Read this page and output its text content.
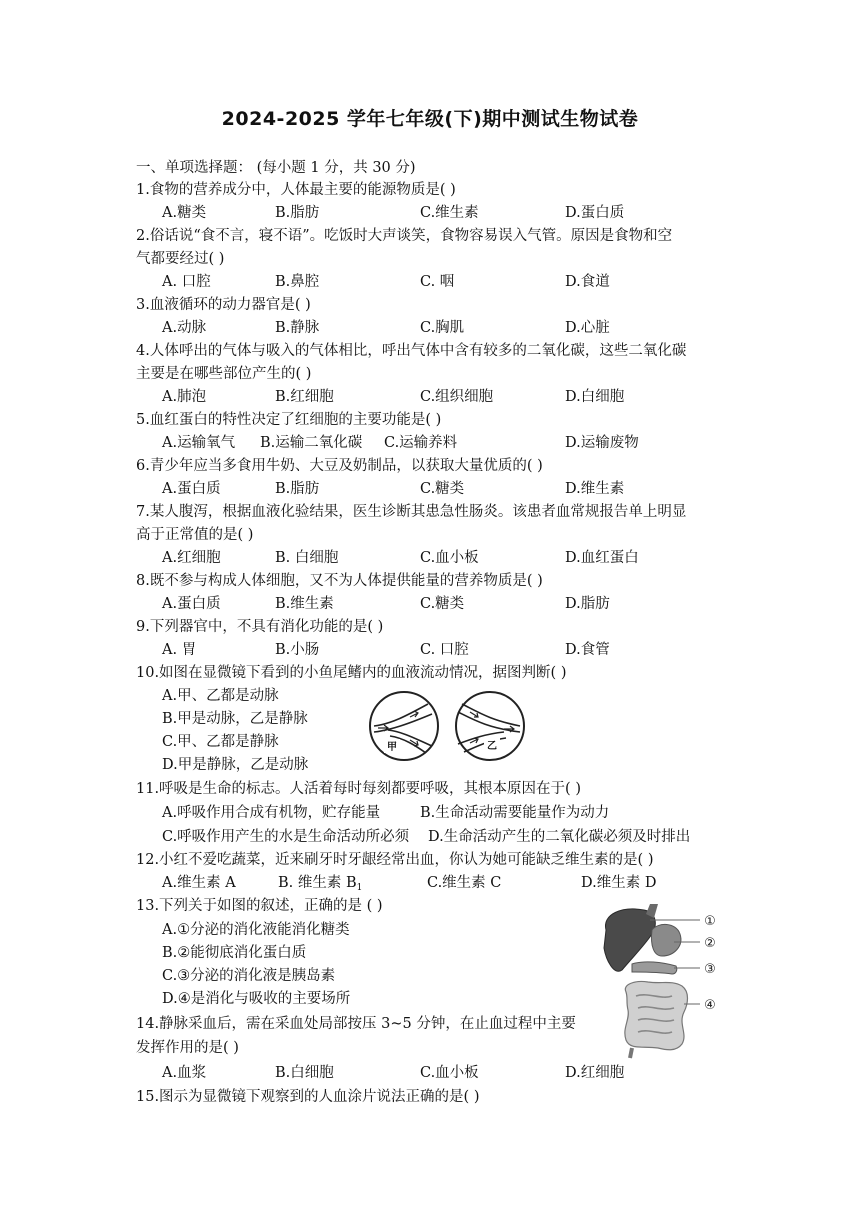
2024-2025 学年七年级(下)期中测试生物试卷
一、单项选择题： (每小题 1 分，共 30 分)
1.食物的营养成分中，人体最主要的能源物质是( )
A.糖类	B.脂肪	C.维生素	D.蛋白质
2.俗话说“食不言，寝不语”。吃饭时大声谈笑，食物容易误入气管。原因是食物和空
气都要经过( )
A. 口腔	B.鼻腔	C. 咽	D.食道
3.血液循环的动力器官是( )
A.动脉	B.静脉	C.胸肌	D.心脏
4.人体呼出的气体与吸入的气体相比，呼出气体中含有较多的二氧化碳，这些二氧化碳
主要是在哪些部位产生的( )
A.肺泡	B.红细胞	C.组织细胞	D.白细胞
5.血红蛋白的特性决定了红细胞的主要功能是( )
A.运输氧气 B.运输二氧化碳 C.运输养料	D.运输废物
6.青少年应当多食用牛奶、大豆及奶制品，以获取大量优质的( )
A.蛋白质	B.脂肪	C.糖类	D.维生素
7.某人腹泻，根据血液化验结果，医生诊断其患急性肠炎。该患者血常规报告单上明显
高于正常值的是( )
A.红细胞	B. 白细胞	C.血小板	D.血红蛋白
8.既不参与构成人体细胞，又不为人体提供能量的营养物质是( )
A.蛋白质	B.维生素	C.糖类	D.脂肪
9.下列器官中，不具有消化功能的是( )
A. 胃	B.小肠	C. 口腔	D.食管
10.如图在显微镜下看到的小鱼尾鳍内的血液流动情况，据图判断( )
A.甲、乙都是动脉
B.甲是动脉，乙是静脉
C.甲、乙都是静脉
D.甲是静脉，乙是动脉
甲	乙
11.呼吸是生命的标志。人活着每时每刻都要呼吸，其根本原因在于( )
A.呼吸作用合成有机物，贮存能量	B.生命活动需要能量作为动力
C.呼吸作用产生的水是生命活动所必须 D.生命活动产生的二氧化碳必须及时排出
12.小红不爱吃蔬菜，近来刷牙时牙龈经常出血，你认为她可能缺乏维生素的是( )
A.维生素 A	B. 维生素 $B_1$	C.维生素 C	D.维生素 D
13.下列关于如图的叙述，正确的是 ( )
A.①分泌的消化液能消化糖类
B.②能彻底消化蛋白质
C.③分泌的消化液是胰岛素
D.④是消化与吸收的主要场所
①
②
③
④
14.静脉采血后，需在采血处局部按压 3~5 分钟，在止血过程中主要
发挥作用的是( )
A.血浆	B.白细胞	C.血小板	D.红细胞
15.图示为显微镜下观察到的人血涂片说法正确的是( )
